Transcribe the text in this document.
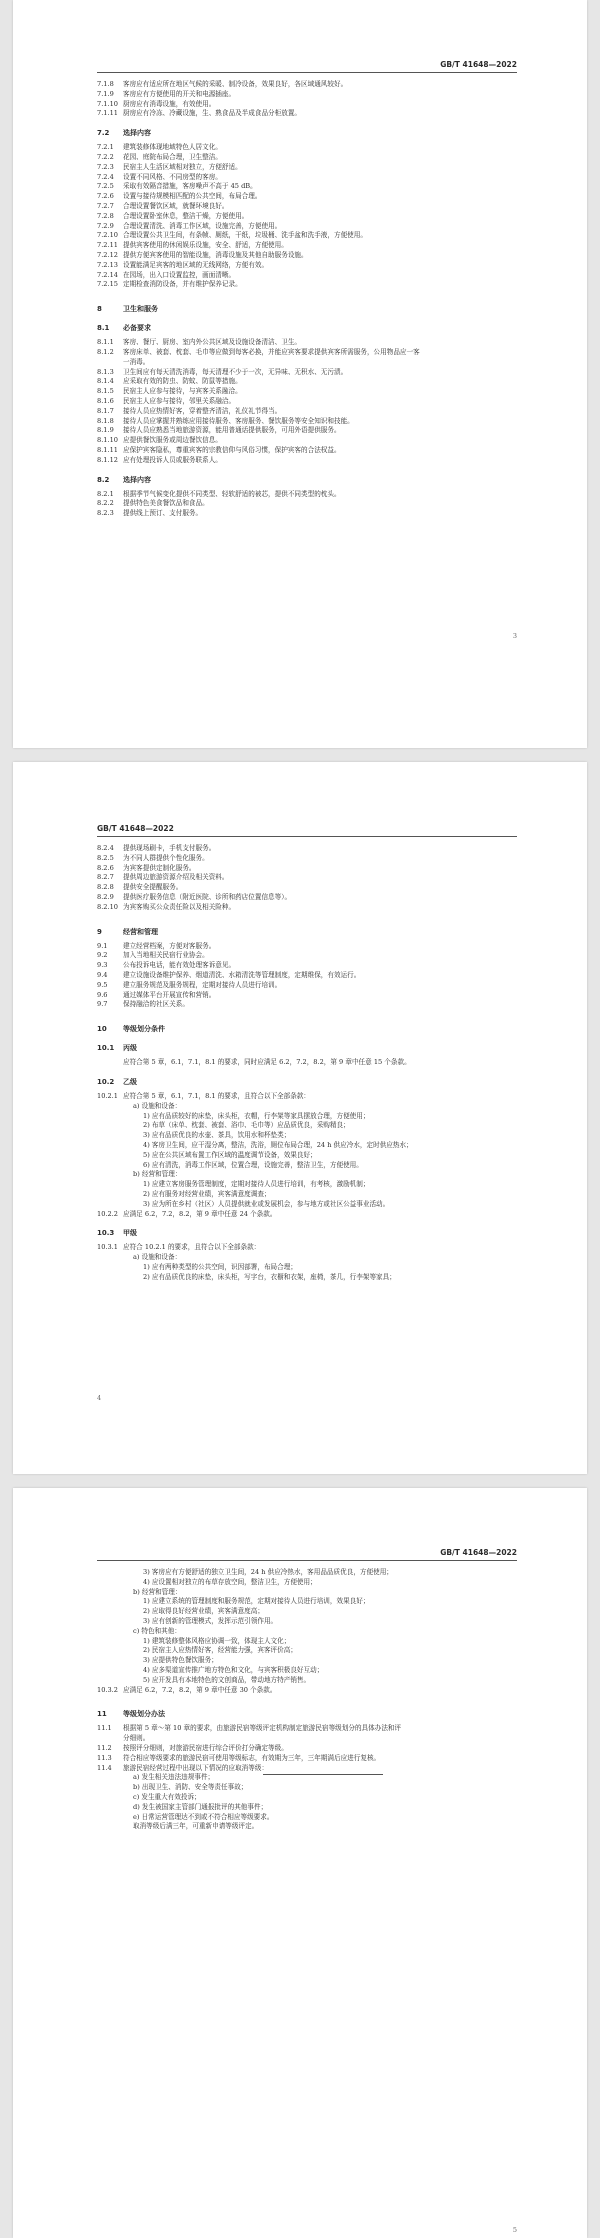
GB/T 41648—2022
7.1.8 客房应有适应所在地区气候的采暖、制冷设备，效果良好，各区域通风较好。
7.1.9 客房应有方便使用的开关和电源插座。
7.1.10 厨房应有消毒设施，有效使用。
7.1.11 厨房应有冷冻、冷藏设施，生、熟食品及半成食品分柜放置。
7.2 选择内容
7.2.1 建筑装修体现地域特色人居文化。
7.2.2 花园、庭院布局合理，卫生整洁。
7.2.3 民宿主人生活区域相对独立，方便舒适。
7.2.4 设置不同风格、不同房型的客房。
7.2.5 采取有效隔音措施，客房噪声不高于 45 dB。
7.2.6 设置与接待规模相匹配的公共空间，布局合理。
7.2.7 合理设置餐饮区域，就餐环境良好。
7.2.8 合理设置卧室休息，整洁干燥，方便使用。
7.2.9 合理设置清洗、消毒工作区域，设施完善，方便使用。
7.2.10 合理设置公共卫生间，有条帧、厕纸，干纸，垃圾桶、洗手盆和洗手液，方便使用。
7.2.11 提供宾客使用的休闲娱乐设施，安全、舒适，方便使用。
7.2.12 提供方便宾客使用的智能设施，消毒设施及其他自助服务设施。
7.2.13 设置能满足宾客的地区域的无线网络，方便有效。
7.2.14 在园场，出入口设置监控，画面清晰。
7.2.15 定期检查消防设备，并有维护保养记录。
8	卫生和服务
8.1 必备要求
8.1.1 客房、餐厅、厨房、室内外公共区域及设施设备清洁、卫生。
8.1.2 客房床单、被套、枕套、毛巾等应做到每客必换，并能应宾客要求提供宾客所需服务，公用物品应一客
一消毒。
8.1.3 卫生间应有每天清洗消毒，每天清理不少于一次，无异味、无积水、无污渍。
8.1.4 应采取有效的防虫、防蚊、防鼠等措施。
8.1.5 民宿主人应参与接待，与宾客关系融洽。
8.1.6 民宿主人应参与接待，邻里关系融洽。
8.1.7 接待人员应热情好客，穿着整齐清洁，礼仪礼节得当。
8.1.8 接待人员应掌握并熟练应用接待服务、客房服务、餐饮服务等安全知识和技能。
8.1.9 接待人员应熟悉当地旅游资源，能用普通话提供服务，可用外语提供服务。
8.1.10 应提供餐饮服务或周边餐饮信息。
8.1.11 应保护宾客隐私，尊重宾客的宗教信仰与风俗习惯，保护宾客的合法权益。
8.1.12 应有处理投诉人员或服务联系人。
8.2 选择内容
8.2.1 根据季节气候变化提供不同类型、轻软舒适的被芯，提供不同类型的枕头。
8.2.2 提供特色美食餐饮品和食品。
8.2.3 提供线上预订、支付服务。
3
GB/T 41648—2022
8.2.4 提供现场刷卡，手机支付服务。
8.2.5 为不同人群提供个性化服务。
8.2.6 为宾客提供定制化服务。
8.2.7 提供周边旅游资源介绍及相关资料。
8.2.8 提供安全提醒服务。
8.2.9 提供医疗服务信息（附近医院、诊所和药店位置信息等）。
8.2.10 为宾客购买公众责任险以及相关险种。
9	经营和管理
9.1 建立经营档案，方便对客服务。
9.2 加入当地相关民宿行业协会。
9.3 公布投诉电话，能有效处理客诉意见。
9.4 建立设施设备维护保养、烟道清洗、水箱清洗等管理制度，定期维保，有效运行。
9.5 建立服务规范及服务规程，定期对接待人员进行培训。
9.6 通过媒体平台开展宣传和营销。
9.7 保持融洽的社区关系。
10 等级划分条件
10.1 丙级
应符合第 5 章，6.1，7.1，8.1 的要求，同时应满足 6.2，7.2，8.2，第 9 章中任意 15 个条款。
10.2 乙级
10.2.1 应符合第 5 章，6.1，7.1，8.1 的要求，且符合以下全部条款：
a) 设施和设备：
1) 应有品质较好的床垫，床头柜，衣帽，行李架等家具摆放合理，方便使用；
2) 布草（床单、枕套、被套、浴巾、毛巾等）应品质优良，采购精良；
3) 应有品质优良的水壶、茶具，饮用水和杯垫类；
4) 客房卫生间，应干湿分离，整洁，洗浴，厕位布局合理，24 h 供应冷水，定时供应热水；
5) 应在公共区域布置工作区域的温度调节设备，效果良好；
6) 应有清洗，消毒工作区域，位置合理，设施完善，整洁卫生，方便使用。
b) 经营和管理：
1) 应建立客房服务管理制度，定期对接待人员进行培训，有考核，激励机制；
2) 应有服务对经营业绩，宾客满意度调查；
3) 应为所在乡村（社区）人员提供就业或发展机会，参与地方或社区公益事业活动。
10.2.2 应满足 6.2，7.2，8.2，第 9 章中任意 24 个条款。
10.3 甲级
10.3.1 应符合 10.2.1 的要求，且符合以下全部条款：
a) 设施和设备：
1) 应有两种类型的公共空间，识因部署，布局合理；
2) 应有品质优良的床垫，床头柜，写字台，衣橱和衣架，座椅，茶几，行李架等家具；
4
GB/T 41648—2022
3) 客房应有方便舒适的独立卫生间，24 h 供应冷热水，客用品品质优良，方便使用；
4) 应设置相对独立的布草存放空间，整洁卫生，方便使用；
b) 经营和管理：
1) 应建立系统的管理制度和服务规范，定期对接待人员进行培训，效果良好；
2) 应取得良好经营业绩，宾客满意度高；
3) 应有创新的管理模式，发挥示范引领作用。
c) 特色和其他：
1) 建筑装修整体风格应协调一致，体现主人文化；
2) 民宿主人应热情好客，经营能力强，宾客评价高；
3) 应提供特色餐饮服务；
4) 应多渠道宣传推广地方特色和文化，与宾客积极良好互动；
5) 应开发具有本地特色的文创商品，带动地方特产销售。
10.3.2 应满足 6.2，7.2，8.2，第 9 章中任意 30 个条款。
11 等级划分办法
11.1 根据第 5 章～第 10 章的要求，由旅游民宿等级评定机构制定旅游民宿等级划分的具体办法和评
分细则。
11.2 按照评分细则，对旅游民宿进行综合评价打分确定等级。
11.3 符合相应等级要求的旅游民宿可使用等级标志，有效期为三年，三年期满后应进行复核。
11.4 旅游民宿经营过程中出现以下情况的应取消等级：
a) 发生相关违法违规事件；
b) 出现卫生、消防、安全等责任事故；
c) 发生重大有效投诉；
d) 发生被国家主管部门通报批评的其他事件；
e) 日常运营管理达不到或不符合相应等级要求。
取消等级后满三年，可重新申请等级评定。
5
